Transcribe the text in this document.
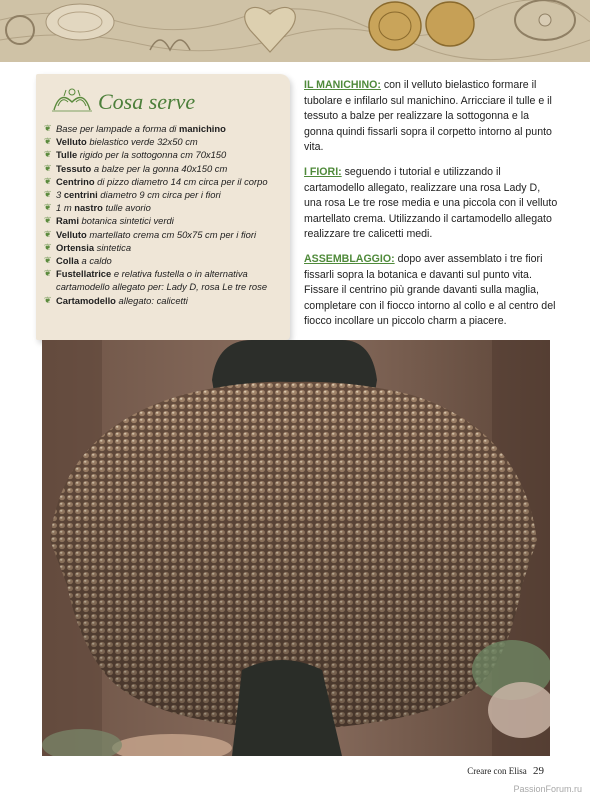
Cosa serve
❦ Base per lampade a forma di manichino
❦ Velluto bielastico verde 32x50 cm
❦ Tulle rigido per la sottogonna cm 70x150
❦ Tessuto a balze per la gonna 40x150 cm
❦ Centrino di pizzo diametro 14 cm circa per il corpo
❦ 3 centrini diametro 9 cm circa per i fiori
❦ 1 m nastro tulle avorio
❦ Rami botanica sintetici verdi
❦ Velluto martellato crema cm 50x75 cm per i fiori
❦ Ortensia sintetica
❦ Colla a caldo
❦ Fustellatrice e relativa fustella o in alternativa cartamodello allegato per: Lady D, rosa Le tre rose
❦ Cartamodello allegato: calicetti

IL MANICHINO: con il velluto bielastico formare il tubolare e infilarlo sul manichino. Arricciare il tulle e il tessuto a balze per realizzare la sottogonna e la gonna quindi fissarli sopra il corpetto intorno al punto vita.

I FIORI: seguendo i tutorial e utilizzando il cartamodello allegato, realizzare una rosa Lady D, una rosa Le tre rose media e una piccola con il velluto martellato crema. Utilizzando il cartamodello allegato realizzare tre calicetti medi.

ASSEMBLAGGIO: dopo aver assemblato i tre fiori fissarli sopra la botanica e davanti sul punto vita. Fissare il centrino più grande davanti sulla maglia, completare con il fiocco intorno al collo e al centro del fiocco incollare un piccolo charm a piacere.

Creare con Elisa 29
PassionForum.ru
